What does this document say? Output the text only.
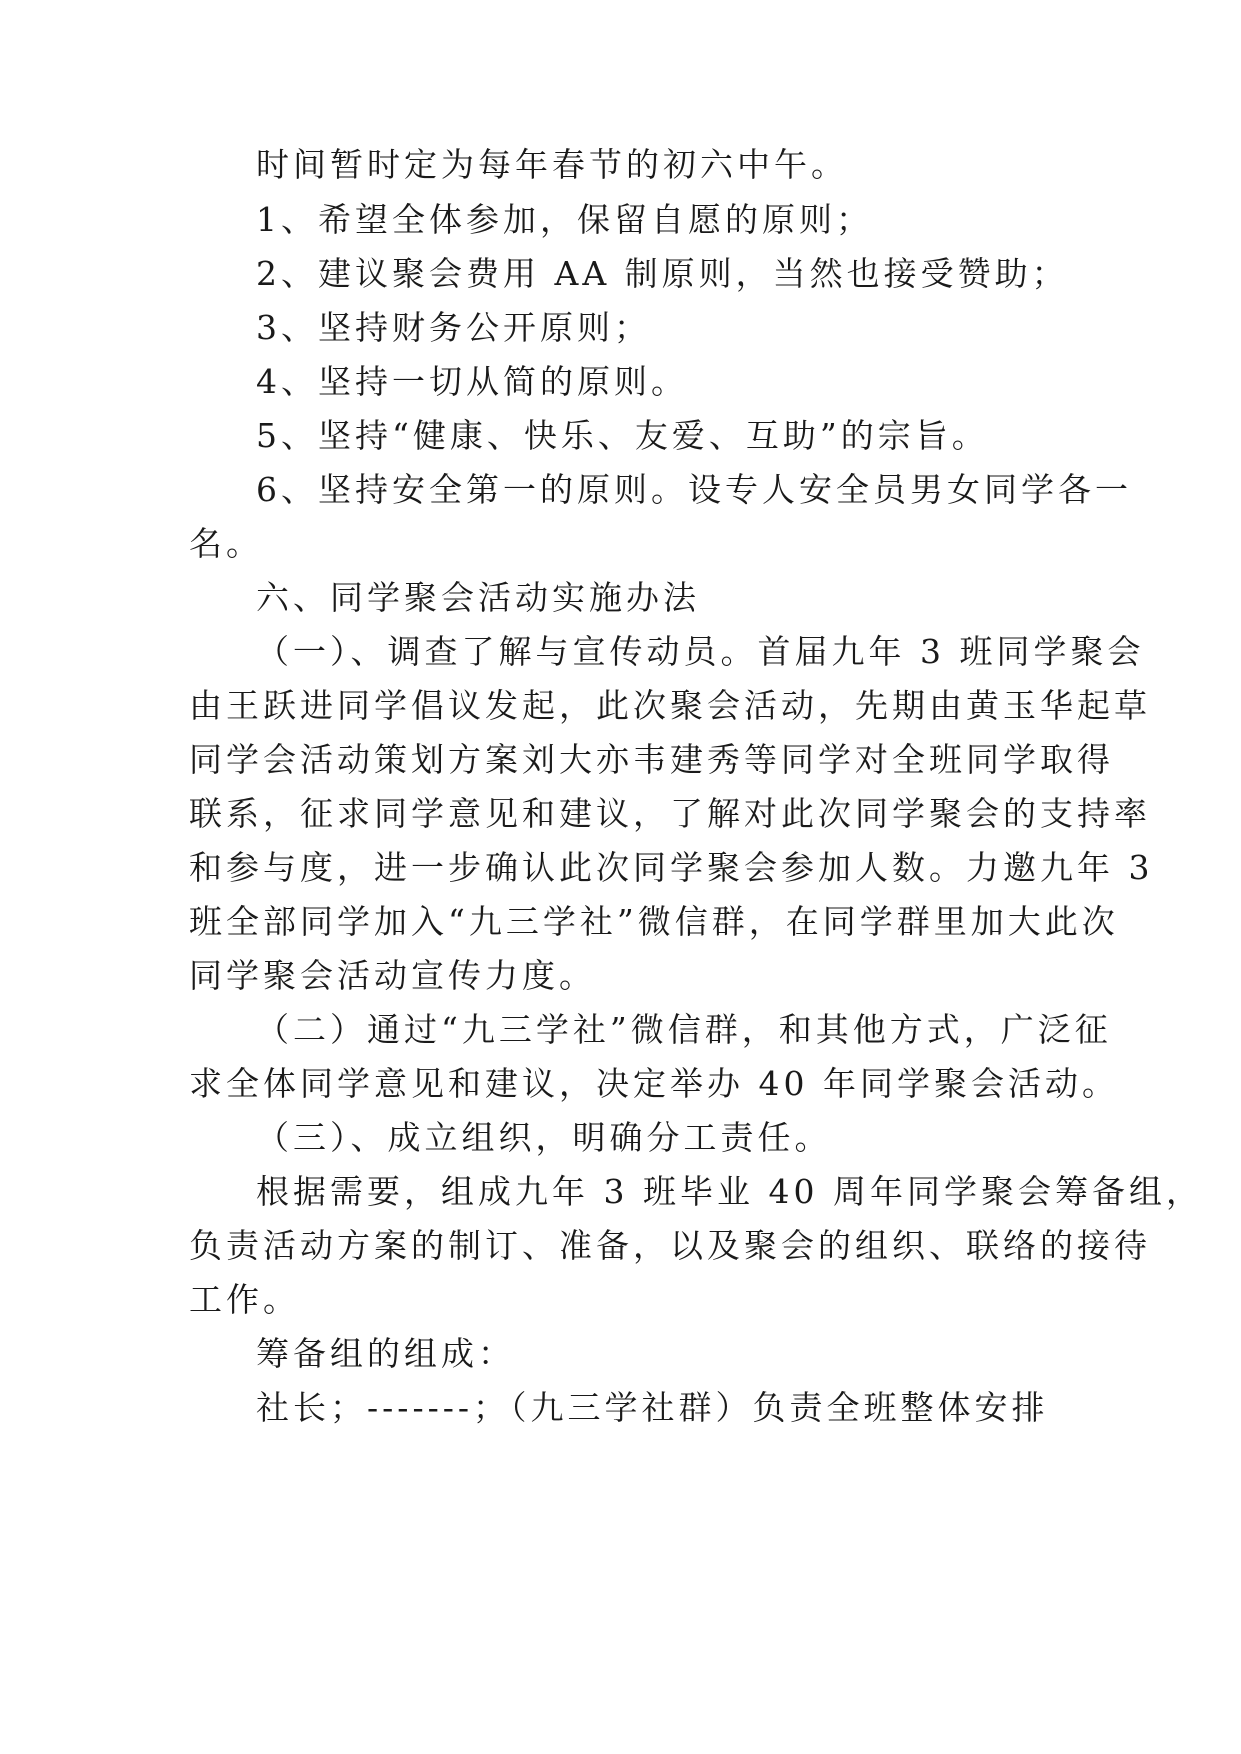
时间暂时定为每年春节的初六中午。
1、希望全体参加，保留自愿的原则；
2、建议聚会费用 AA 制原则，当然也接受赞助；
3、坚持财务公开原则；
4、坚持一切从简的原则。
5、坚持“健康、快乐、友爱、互助”的宗旨。
6、坚持安全第一的原则。设专人安全员男女同学各一
名。
六、同学聚会活动实施办法
（一）、调查了解与宣传动员。首届九年 3 班同学聚会
由王跃进同学倡议发起，此次聚会活动，先期由黄玉华起草
同学会活动策划方案刘大亦韦建秀等同学对全班同学取得
联系，征求同学意见和建议，了解对此次同学聚会的支持率
和参与度，进一步确认此次同学聚会参加人数。力邀九年 3
班全部同学加入“九三学社”微信群，在同学群里加大此次
同学聚会活动宣传力度。
（二）通过“九三学社”微信群，和其他方式，广泛征
求全体同学意见和建议，决定举办 40 年同学聚会活动。
（三）、成立组织，明确分工责任。
根据需要，组成九年 3 班毕业 40 周年同学聚会筹备组，
负责活动方案的制订、准备，以及聚会的组织、联络的接待
工作。
筹备组的组成：
社长；-------；（九三学社群）负责全班整体安排
